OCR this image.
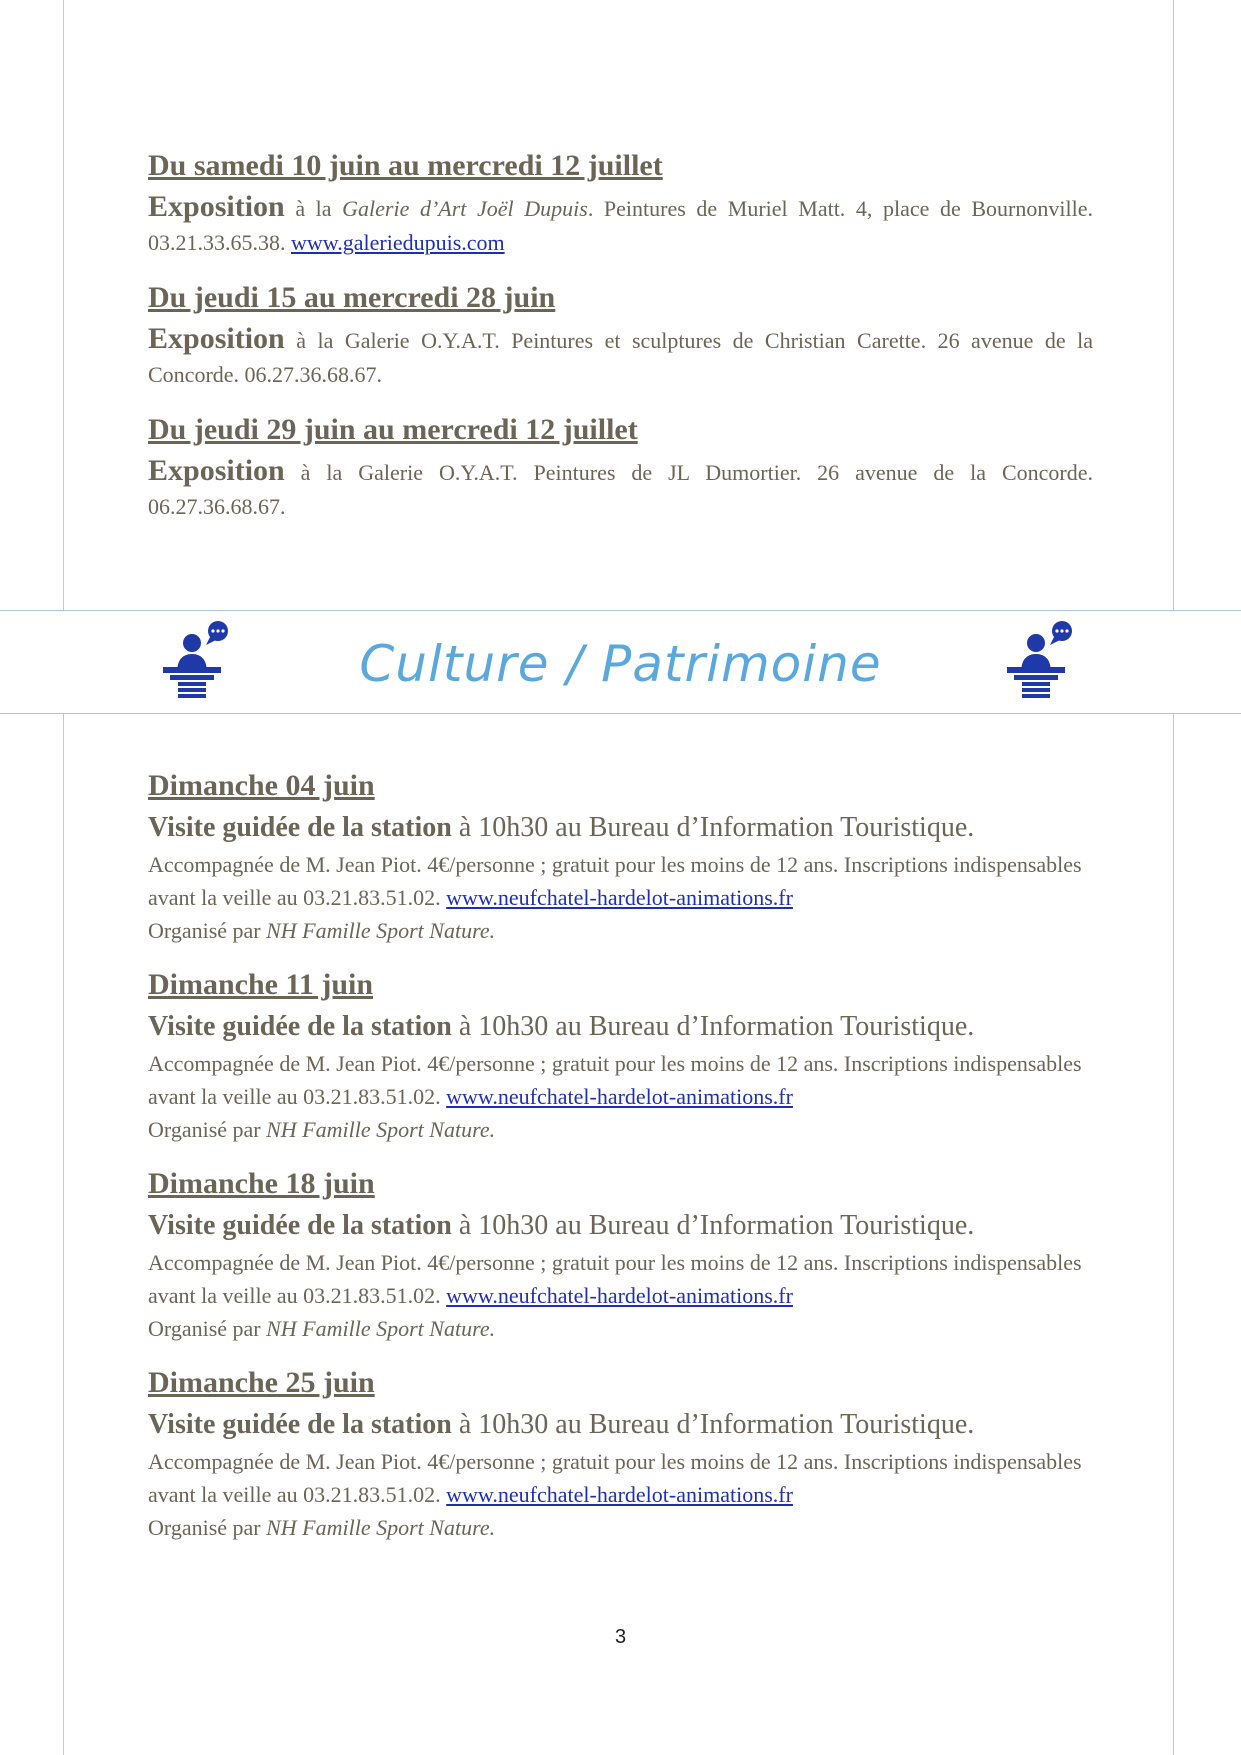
Du samedi 10 juin au mercredi 12 juillet
Exposition à la Galerie d’Art Joël Dupuis. Peintures de Muriel Matt. 4, place de Bournonville. 03.21.33.65.38. www.galeriedupuis.com
Du jeudi 15 au mercredi 28 juin
Exposition à la Galerie O.Y.A.T. Peintures et sculptures de Christian Carette. 26 avenue de la Concorde. 06.27.36.68.67.
Du jeudi 29 juin au mercredi 12 juillet
Exposition à la Galerie O.Y.A.T. Peintures de JL Dumortier. 26 avenue de la Concorde. 06.27.36.68.67.
Culture / Patrimoine
Dimanche 04 juin
Visite guidée de la station à 10h30 au Bureau d’Information Touristique.
Accompagnée de M. Jean Piot. 4€/personne ; gratuit pour les moins de 12 ans. Inscriptions indispensables avant la veille au 03.21.83.51.02. www.neufchatel-hardelot-animations.fr
Organisé par NH Famille Sport Nature.
Dimanche 11 juin
Visite guidée de la station à 10h30 au Bureau d’Information Touristique.
Accompagnée de M. Jean Piot. 4€/personne ; gratuit pour les moins de 12 ans. Inscriptions indispensables avant la veille au 03.21.83.51.02. www.neufchatel-hardelot-animations.fr
Organisé par NH Famille Sport Nature.
Dimanche 18 juin
Visite guidée de la station à 10h30 au Bureau d’Information Touristique.
Accompagnée de M. Jean Piot. 4€/personne ; gratuit pour les moins de 12 ans. Inscriptions indispensables avant la veille au 03.21.83.51.02. www.neufchatel-hardelot-animations.fr
Organisé par NH Famille Sport Nature.
Dimanche 25 juin
Visite guidée de la station à 10h30 au Bureau d’Information Touristique.
Accompagnée de M. Jean Piot. 4€/personne ; gratuit pour les moins de 12 ans. Inscriptions indispensables avant la veille au 03.21.83.51.02. www.neufchatel-hardelot-animations.fr
Organisé par NH Famille Sport Nature.
3
